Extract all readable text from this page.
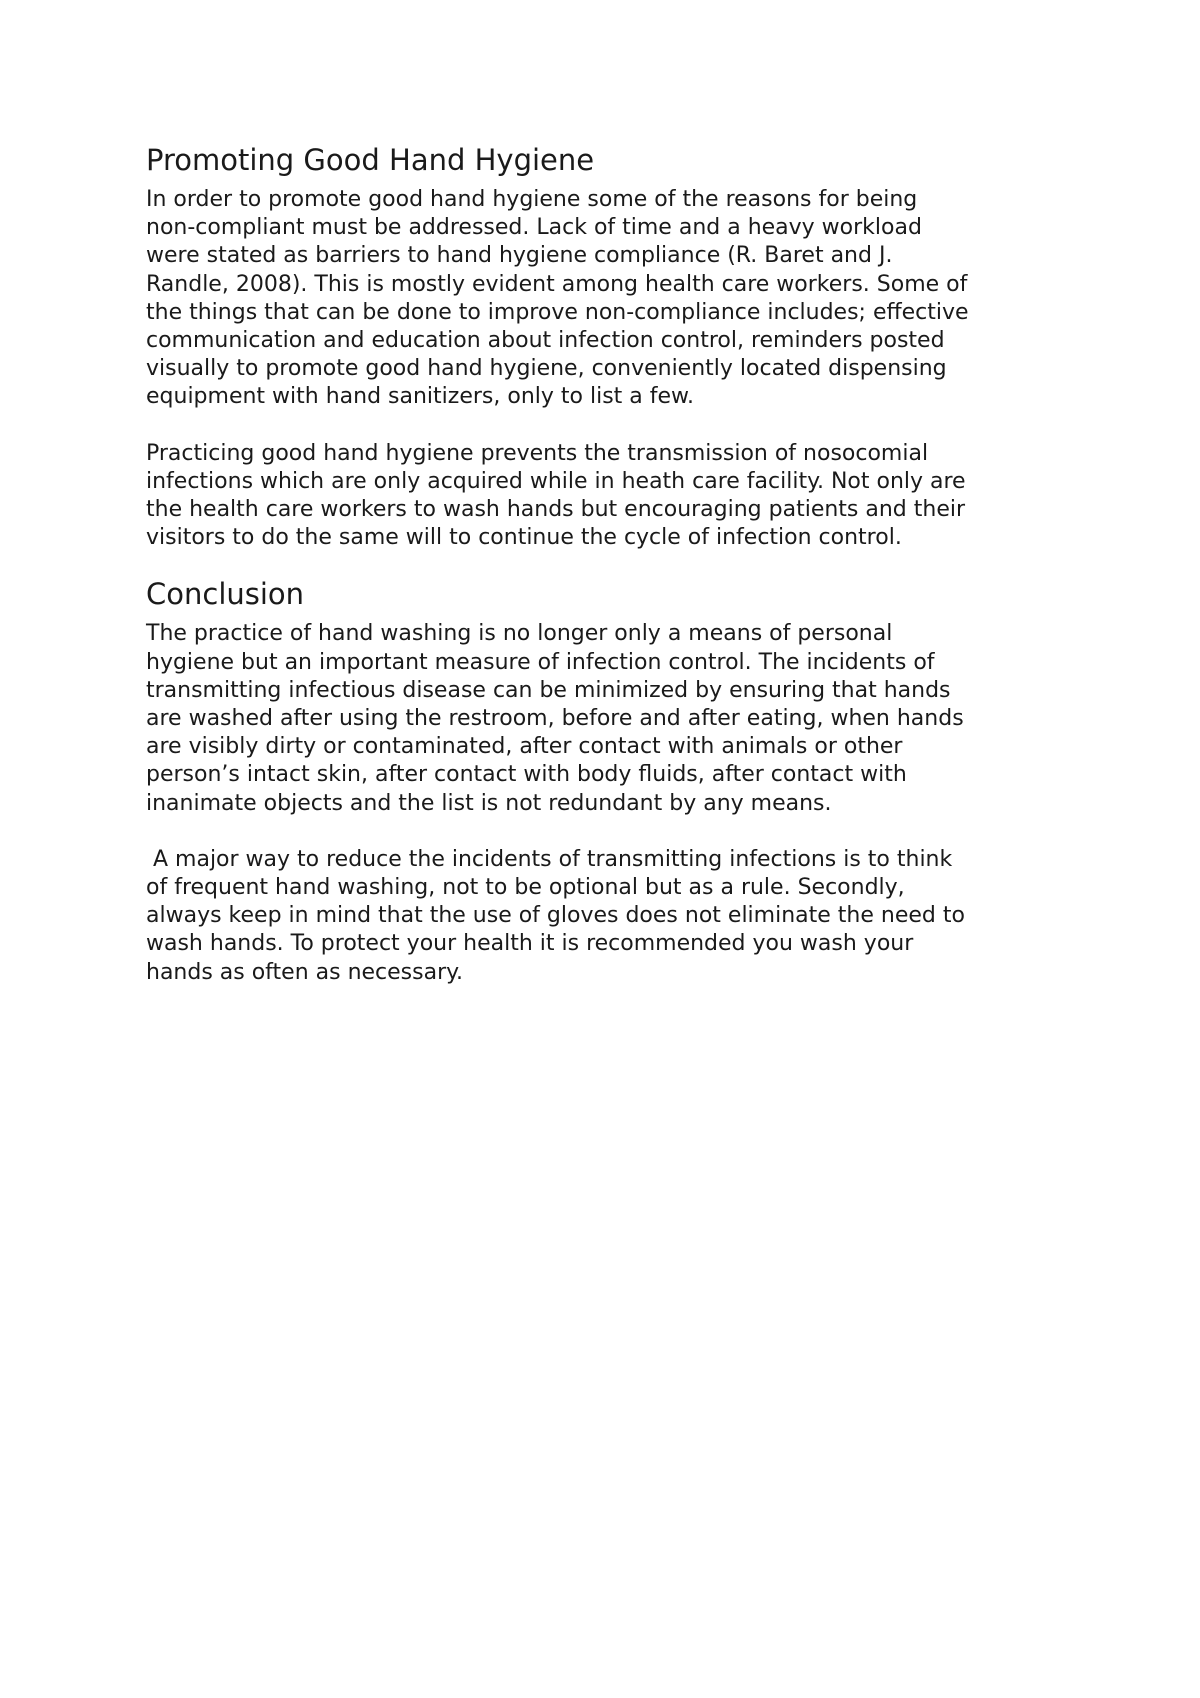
Promoting Good Hand Hygiene

In order to promote good hand hygiene some of the reasons for being
non-compliant must be addressed. Lack of time and a heavy workload
were stated as barriers to hand hygiene compliance (R. Baret and J.
Randle, 2008). This is mostly evident among health care workers. Some of
the things that can be done to improve non-compliance includes; effective
communication and education about infection control, reminders posted
visually to promote good hand hygiene, conveniently located dispensing
equipment with hand sanitizers, only to list a few.

Practicing good hand hygiene prevents the transmission of nosocomial
infections which are only acquired while in heath care facility. Not only are
the health care workers to wash hands but encouraging patients and their
visitors to do the same will to continue the cycle of infection control.

Conclusion

The practice of hand washing is no longer only a means of personal
hygiene but an important measure of infection control. The incidents of
transmitting infectious disease can be minimized by ensuring that hands
are washed after using the restroom, before and after eating, when hands
are visibly dirty or contaminated, after contact with animals or other
person’s intact skin, after contact with body fluids, after contact with
inanimate objects and the list is not redundant by any means.

A major way to reduce the incidents of transmitting infections is to think
of frequent hand washing, not to be optional but as a rule. Secondly,
always keep in mind that the use of gloves does not eliminate the need to
wash hands. To protect your health it is recommended you wash your
hands as often as necessary.
